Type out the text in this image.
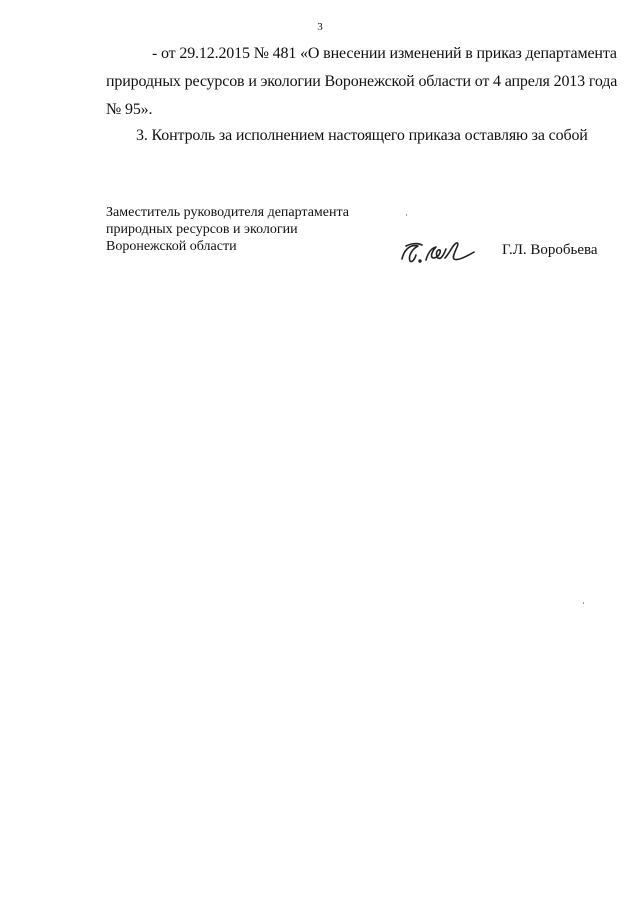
3
- от 29.12.2015 № 481 «О внесении изменений в приказ департамента
природных ресурсов и экологии Воронежской области от 4 апреля 2013 года
№ 95».
3. Контроль за исполнением настоящего приказа оставляю за собой
Заместитель руководителя департамента
природных ресурсов и экологии
Воронежской области	Г.Л. Воробьева
